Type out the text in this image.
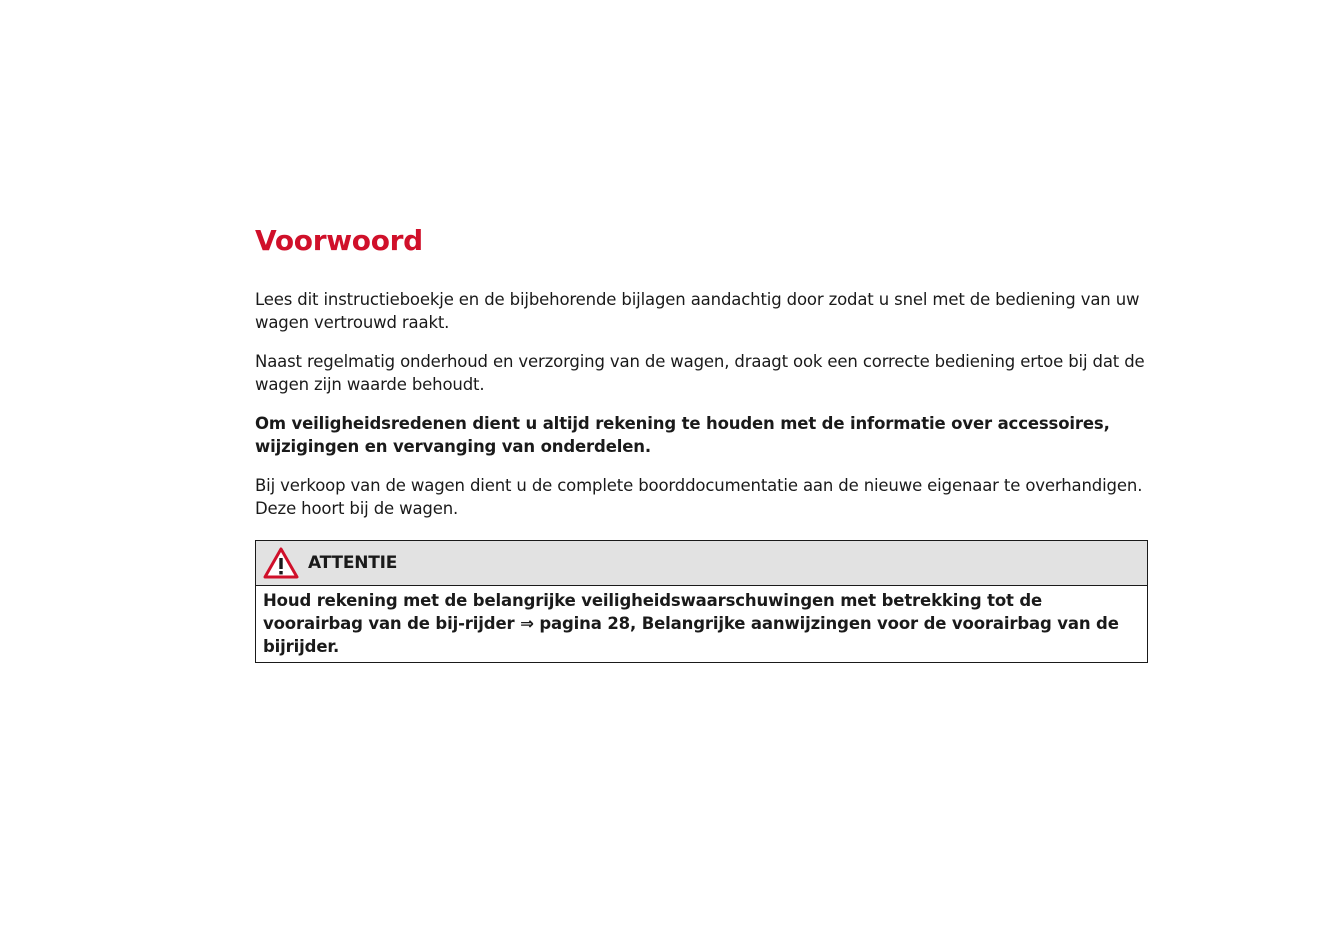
Voorwoord

Lees dit instructieboekje en de bijbehorende bijlagen aandachtig door zodat u snel met de bediening van uw wagen vertrouwd raakt.

Naast regelmatig onderhoud en verzorging van de wagen, draagt ook een correcte bediening ertoe bij dat de wagen zijn waarde behoudt.

Om veiligheidsredenen dient u altijd rekening te houden met de informatie over accessoires, wijzigingen en vervanging van onderdelen.

Bij verkoop van de wagen dient u de complete boorddocumentatie aan de nieuwe eigenaar te overhandigen. Deze hoort bij de wagen.

ATTENTIE
Houd rekening met de belangrijke veiligheidswaarschuwingen met betrekking tot de voorairbag van de bij-rijder ⇒ pagina 28, Belangrijke aanwijzingen voor de voorairbag van de bijrijder.
